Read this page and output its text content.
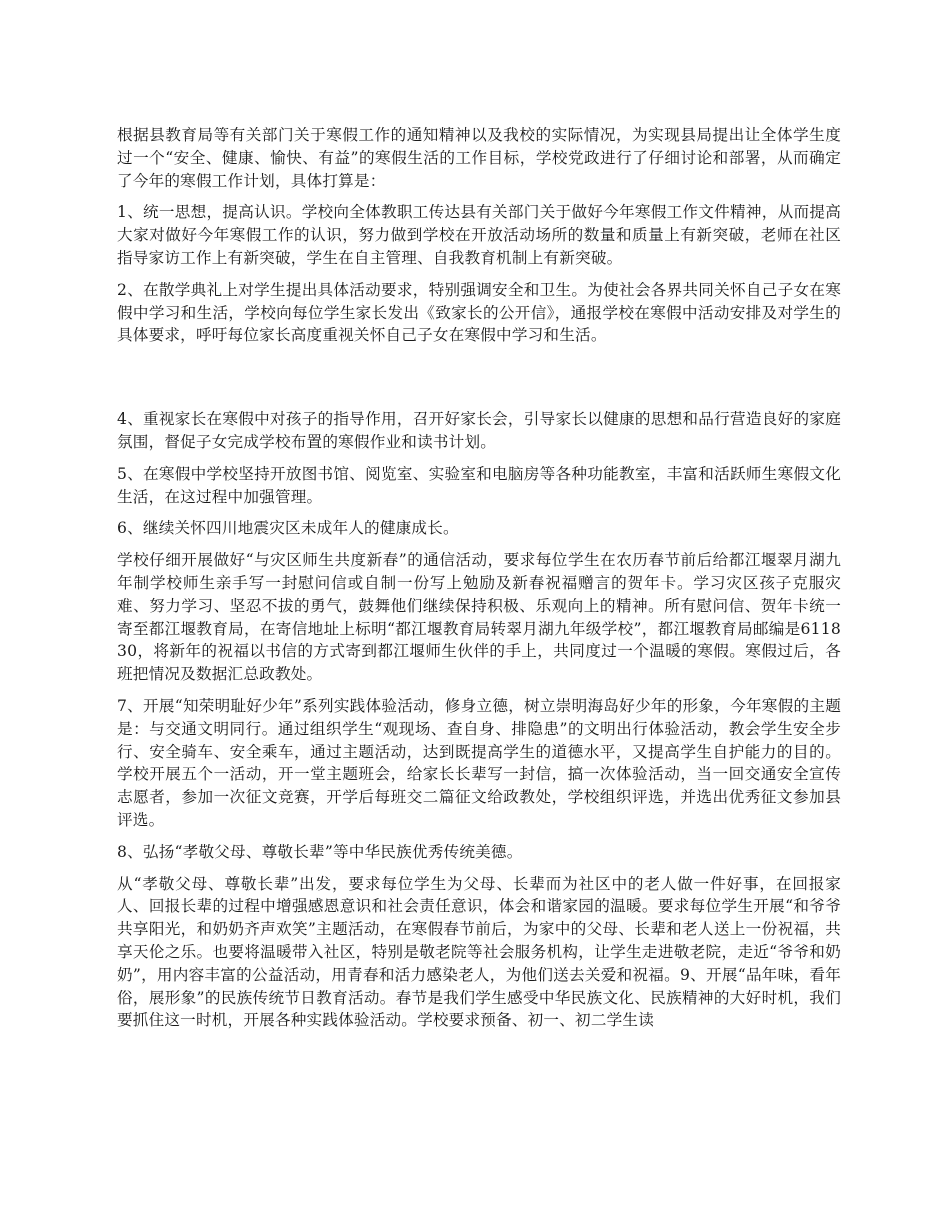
根据县教育局等有关部门关于寒假工作的通知精神以及我校的实际情况，为实现县局提出让全体学生度过一个“安全、健康、愉快、有益”的寒假生活的工作目标，学校党政进行了仔细讨论和部署，从而确定了今年的寒假工作计划，具体打算是：

1、统一思想，提高认识。学校向全体教职工传达县有关部门关于做好今年寒假工作文件精神，从而提高大家对做好今年寒假工作的认识，努力做到学校在开放活动场所的数量和质量上有新突破，老师在社区指导家访工作上有新突破，学生在自主管理、自我教育机制上有新突破。

2、在散学典礼上对学生提出具体活动要求，特别强调安全和卫生。为使社会各界共同关怀自己子女在寒假中学习和生活，学校向每位学生家长发出《致家长的公开信》，通报学校在寒假中活动安排及对学生的具体要求，呼吁每位家长高度重视关怀自己子女在寒假中学习和生活。

4、重视家长在寒假中对孩子的指导作用，召开好家长会，引导家长以健康的思想和品行营造良好的家庭氛围，督促子女完成学校布置的寒假作业和读书计划。

5、在寒假中学校坚持开放图书馆、阅览室、实验室和电脑房等各种功能教室，丰富和活跃师生寒假文化生活，在这过程中加强管理。

6、继续关怀四川地震灾区未成年人的健康成长。

学校仔细开展做好“与灾区师生共度新春”的通信活动，要求每位学生在农历春节前后给都江堰翠月湖九年制学校师生亲手写一封慰问信或自制一份写上勉励及新春祝福赠言的贺年卡。学习灾区孩子克服灾难、努力学习、坚忍不拔的勇气，鼓舞他们继续保持积极、乐观向上的精神。所有慰问信、贺年卡统一寄至都江堰教育局，在寄信地址上标明“都江堰教育局转翠月湖九年级学校”，都江堰教育局邮编是611830，将新年的祝福以书信的方式寄到都江堰师生伙伴的手上，共同度过一个温暖的寒假。寒假过后，各班把情况及数据汇总政教处。

7、开展“知荣明耻好少年”系列实践体验活动，修身立德，树立崇明海岛好少年的形象，今年寒假的主题是：与交通文明同行。通过组织学生“观现场、查自身、排隐患”的文明出行体验活动，教会学生安全步行、安全骑车、安全乘车，通过主题活动，达到既提高学生的道德水平，又提高学生自护能力的目的。学校开展五个一活动，开一堂主题班会，给家长长辈写一封信，搞一次体验活动，当一回交通安全宣传志愿者，参加一次征文竞赛，开学后每班交二篇征文给政教处，学校组织评选，并选出优秀征文参加县评选。

8、弘扬“孝敬父母、尊敬长辈”等中华民族优秀传统美德。

从“孝敬父母、尊敬长辈”出发，要求每位学生为父母、长辈而为社区中的老人做一件好事，在回报家人、回报长辈的过程中增强感恩意识和社会责任意识，体会和谐家园的温暖。要求每位学生开展“和爷爷共享阳光，和奶奶齐声欢笑”主题活动，在寒假春节前后，为家中的父母、长辈和老人送上一份祝福，共享天伦之乐。也要将温暖带入社区，特别是敬老院等社会服务机构，让学生走进敬老院，走近“爷爷和奶奶”，用内容丰富的公益活动，用青春和活力感染老人，为他们送去关爱和祝福。9、开展“品年味，看年俗，展形象”的民族传统节日教育活动。春节是我们学生感受中华民族文化、民族精神的大好时机，我们要抓住这一时机，开展各种实践体验活动。学校要求预备、初一、初二学生读
